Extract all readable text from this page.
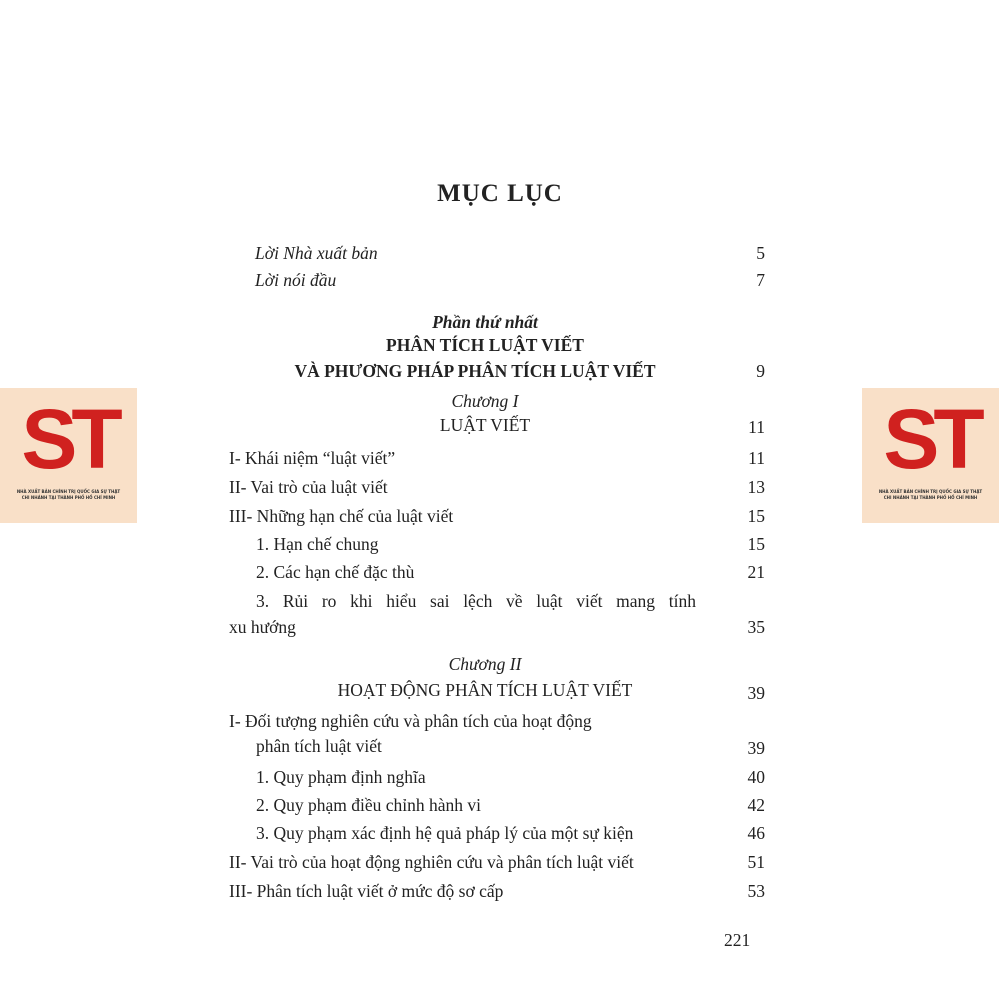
MỤC LỤC
Lời Nhà xuất bản	5
Lời nói đầu	7
Phần thứ nhất
PHÂN TÍCH LUẬT VIẾT
VÀ PHƯƠNG PHÁP PHÂN TÍCH LUẬT VIẾT	9
Chương I
LUẬT VIẾT	11
I- Khái niệm “luật viết”	11
II- Vai trò của luật viết	13
III- Những hạn chế của luật viết	15
1. Hạn chế chung	15
2. Các hạn chế đặc thù	21
3. Rủi ro khi hiểu sai lệch về luật viết mang tính
xu hướng	35
Chương II
HOẠT ĐỘNG PHÂN TÍCH LUẬT VIẾT	39
I- Đối tượng nghiên cứu và phân tích của hoạt động
phân tích luật viết	39
1. Quy phạm định nghĩa	40
2. Quy phạm điều chỉnh hành vi	42
3. Quy phạm xác định hệ quả pháp lý của một sự kiện	46
II- Vai trò của hoạt động nghiên cứu và phân tích luật viết	51
III- Phân tích luật viết ở mức độ sơ cấp	53
221
ST
NHÀ XUẤT BẢN CHÍNH TRỊ QUỐC GIA SỰ THẬT
CHI NHÁNH TẠI THÀNH PHỐ HỒ CHÍ MINH
ST
NHÀ XUẤT BẢN CHÍNH TRỊ QUỐC GIA SỰ THẬT
CHI NHÁNH TẠI THÀNH PHỐ HỒ CHÍ MINH
